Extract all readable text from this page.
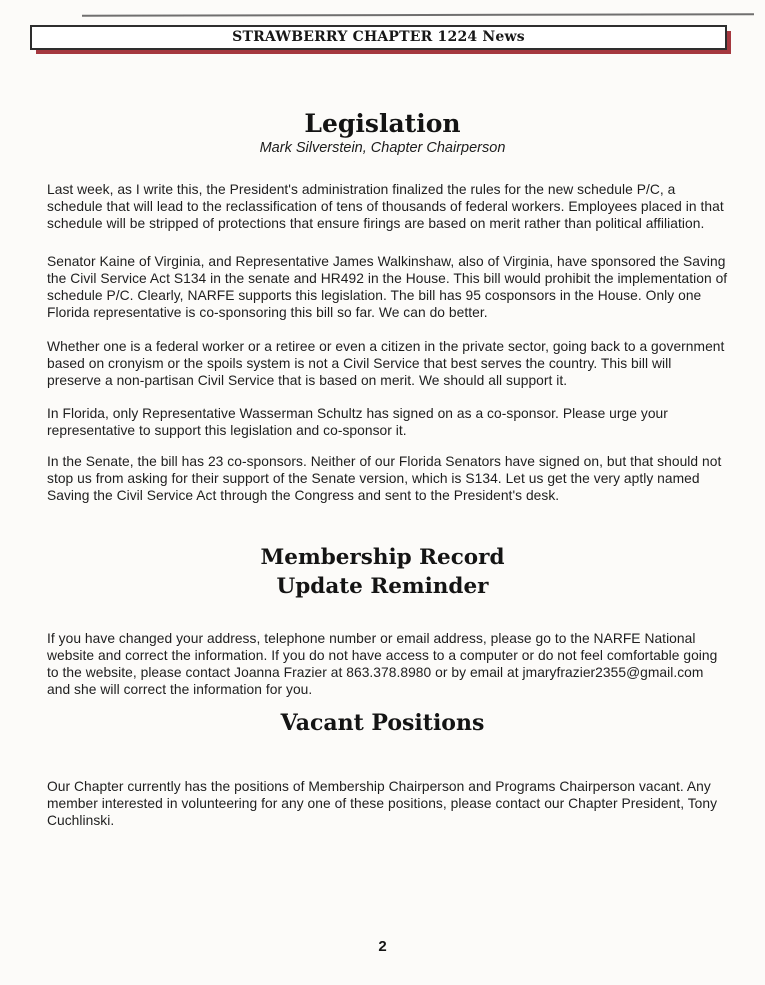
STRAWBERRY CHAPTER 1224 News
Legislation
Mark Silverstein, Chapter Chairperson

Last week, as I write this, the President's administration finalized the rules for the new schedule P/C, a schedule that will lead to the reclassification of tens of thousands of federal workers. Employees placed in that schedule will be stripped of protections that ensure firings are based on merit rather than political affiliation.

Senator Kaine of Virginia, and Representative James Walkinshaw, also of Virginia, have sponsored the Saving the Civil Service Act S134 in the senate and HR492 in the House. This bill would prohibit the implementation of schedule P/C. Clearly, NARFE supports this legislation. The bill has 95 cosponsors in the House. Only one Florida representative is co-sponsoring this bill so far. We can do better.

Whether one is a federal worker or a retiree or even a citizen in the private sector, going back to a government based on cronyism or the spoils system is not a Civil Service that best serves the country. This bill will preserve a non-partisan Civil Service that is based on merit. We should all support it.

In Florida, only Representative Wasserman Schultz has signed on as a co-sponsor. Please urge your representative to support this legislation and co-sponsor it.

In the Senate, the bill has 23 co-sponsors. Neither of our Florida Senators have signed on, but that should not stop us from asking for their support of the Senate version, which is S134. Let us get the very aptly named Saving the Civil Service Act through the Congress and sent to the President's desk.

Membership Record
Update Reminder

If you have changed your address, telephone number or email address, please go to the NARFE National website and correct the information. If you do not have access to a computer or do not feel comfortable going to the website, please contact Joanna Frazier at 863.378.8980 or by email at jmaryfrazier2355@gmail.com and she will correct the information for you.

Vacant Positions

Our Chapter currently has the positions of Membership Chairperson and Programs Chairperson vacant. Any member interested in volunteering for any one of these positions, please contact our Chapter President, Tony Cuchlinski.

2
